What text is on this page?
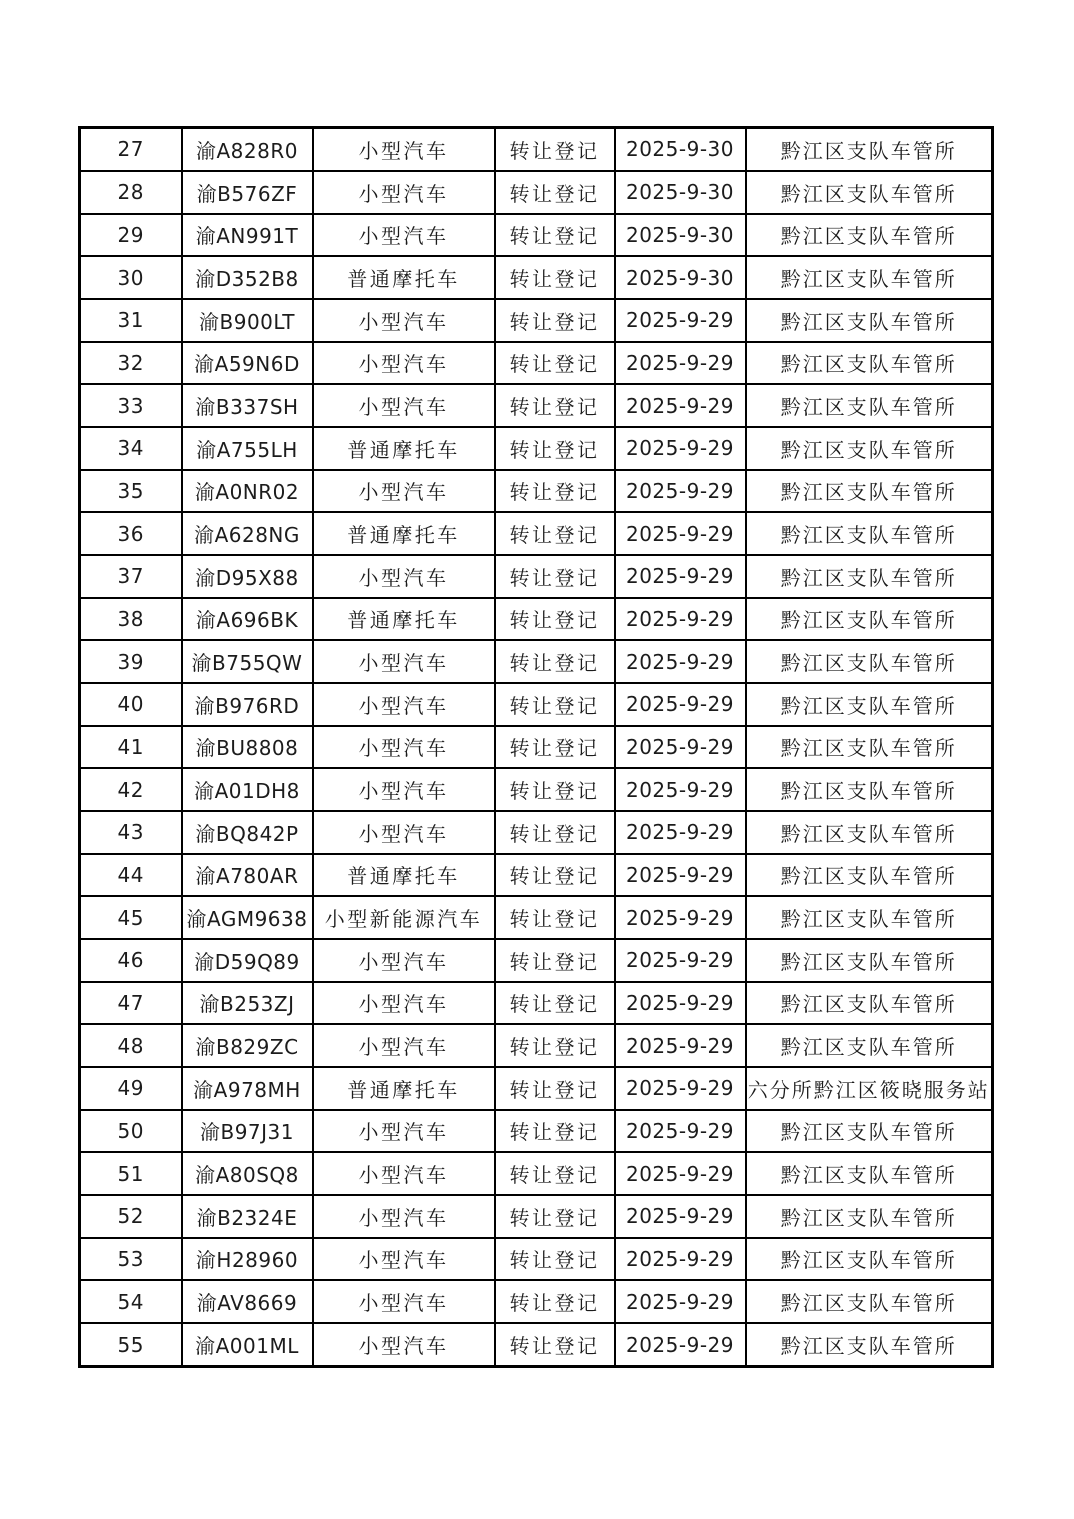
27	渝A828R0	小型汽车	转让登记	2025-9-30	黔江区支队车管所
28	渝B576ZF	小型汽车	转让登记	2025-9-30	黔江区支队车管所
29	渝AN991T	小型汽车	转让登记	2025-9-30	黔江区支队车管所
30	渝D352B8	普通摩托车	转让登记	2025-9-30	黔江区支队车管所
31	渝B900LT	小型汽车	转让登记	2025-9-29	黔江区支队车管所
32	渝A59N6D	小型汽车	转让登记	2025-9-29	黔江区支队车管所
33	渝B337SH	小型汽车	转让登记	2025-9-29	黔江区支队车管所
34	渝A755LH	普通摩托车	转让登记	2025-9-29	黔江区支队车管所
35	渝A0NR02	小型汽车	转让登记	2025-9-29	黔江区支队车管所
36	渝A628NG	普通摩托车	转让登记	2025-9-29	黔江区支队车管所
37	渝D95X88	小型汽车	转让登记	2025-9-29	黔江区支队车管所
38	渝A696BK	普通摩托车	转让登记	2025-9-29	黔江区支队车管所
39	渝B755QW	小型汽车	转让登记	2025-9-29	黔江区支队车管所
40	渝B976RD	小型汽车	转让登记	2025-9-29	黔江区支队车管所
41	渝BU8808	小型汽车	转让登记	2025-9-29	黔江区支队车管所
42	渝A01DH8	小型汽车	转让登记	2025-9-29	黔江区支队车管所
43	渝BQ842P	小型汽车	转让登记	2025-9-29	黔江区支队车管所
44	渝A780AR	普通摩托车	转让登记	2025-9-29	黔江区支队车管所
45	渝AGM9638	小型新能源汽车	转让登记	2025-9-29	黔江区支队车管所
46	渝D59Q89	小型汽车	转让登记	2025-9-29	黔江区支队车管所
47	渝B253ZJ	小型汽车	转让登记	2025-9-29	黔江区支队车管所
48	渝B829ZC	小型汽车	转让登记	2025-9-29	黔江区支队车管所
49	渝A978MH	普通摩托车	转让登记	2025-9-29	六分所黔江区筱晓服务站
50	渝B97J31	小型汽车	转让登记	2025-9-29	黔江区支队车管所
51	渝A80SQ8	小型汽车	转让登记	2025-9-29	黔江区支队车管所
52	渝B2324E	小型汽车	转让登记	2025-9-29	黔江区支队车管所
53	渝H28960	小型汽车	转让登记	2025-9-29	黔江区支队车管所
54	渝AV8669	小型汽车	转让登记	2025-9-29	黔江区支队车管所
55	渝A001ML	小型汽车	转让登记	2025-9-29	黔江区支队车管所
